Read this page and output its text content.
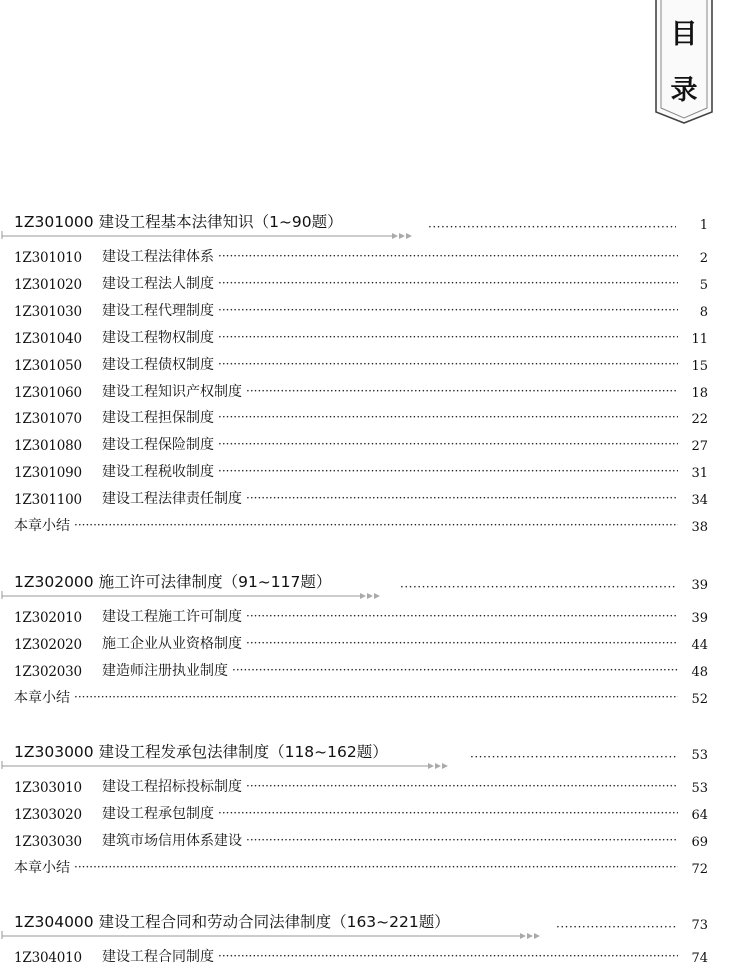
目
录
1Z301000 建设工程基本法律知识（1~90题） ·····	1
1Z301010	建设工程法律体系 ·····	2
1Z301020	建设工程法人制度 ·····	5
1Z301030	建设工程代理制度 ·····	8
1Z301040	建设工程物权制度 ·····	11
1Z301050	建设工程债权制度 ·····	15
1Z301060	建设工程知识产权制度 ·····	18
1Z301070	建设工程担保制度 ·····	22
1Z301080	建设工程保险制度 ·····	27
1Z301090	建设工程税收制度 ·····	31
1Z301100	建设工程法律责任制度 ·····	34
本章小结 ·····	38
1Z302000 施工许可法律制度（91~117题） ·····	39
1Z302010	建设工程施工许可制度 ·····	39
1Z302020	施工企业从业资格制度 ·····	44
1Z302030	建造师注册执业制度 ·····	48
本章小结 ·····	52
1Z303000 建设工程发承包法律制度（118~162题） ·····	53
1Z303010	建设工程招标投标制度 ·····	53
1Z303020	建设工程承包制度 ·····	64
1Z303030	建筑市场信用体系建设 ·····	69
本章小结 ·····	72
1Z304000 建设工程合同和劳动合同法律制度（163~221题） ·····	73
1Z304010	建设工程合同制度 ·····	74
